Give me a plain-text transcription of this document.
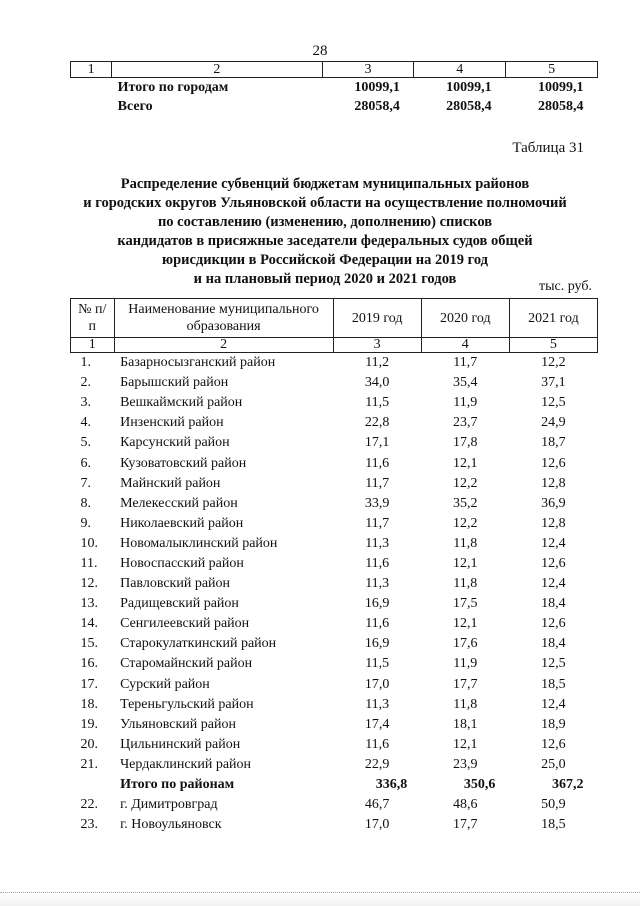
28
1	2	3	4	5
	Итого по городам	10099,1	10099,1	10099,1
	Всего	28058,4	28058,4	28058,4
Таблица 31
Распределение субвенций бюджетам муниципальных районов
и городских округов Ульяновской области на осуществление полномочий
по составлению (изменению, дополнению) списков
кандидатов в присяжные заседатели федеральных судов общей
юрисдикции в Российской Федерации на 2019 год
и на плановый период 2020 и 2021 годов	тыс. руб.
№ п/п	Наименование муниципального образования	2019 год	2020 год	2021 год
1	2	3	4	5
1.	Базарносызганский район	11,2	11,7	12,2
2.	Барышский район	34,0	35,4	37,1
3.	Вешкаймский район	11,5	11,9	12,5
4.	Инзенский район	22,8	23,7	24,9
5.	Карсунский район	17,1	17,8	18,7
6.	Кузоватовский район	11,6	12,1	12,6
7.	Майнский район	11,7	12,2	12,8
8.	Мелекесский район	33,9	35,2	36,9
9.	Николаевский район	11,7	12,2	12,8
10.	Новомалыклинский район	11,3	11,8	12,4
11.	Новоспасский район	11,6	12,1	12,6
12.	Павловский район	11,3	11,8	12,4
13.	Радищевский район	16,9	17,5	18,4
14.	Сенгилеевский район	11,6	12,1	12,6
15.	Старокулаткинский район	16,9	17,6	18,4
16.	Старомайнский район	11,5	11,9	12,5
17.	Сурский район	17,0	17,7	18,5
18.	Тереньгульский район	11,3	11,8	12,4
19.	Ульяновский район	17,4	18,1	18,9
20.	Цильнинский район	11,6	12,1	12,6
21.	Чердаклинский район	22,9	23,9	25,0
	Итого по районам	336,8	350,6	367,2
22.	г. Димитровград	46,7	48,6	50,9
23.	г. Новоульяновск	17,0	17,7	18,5
